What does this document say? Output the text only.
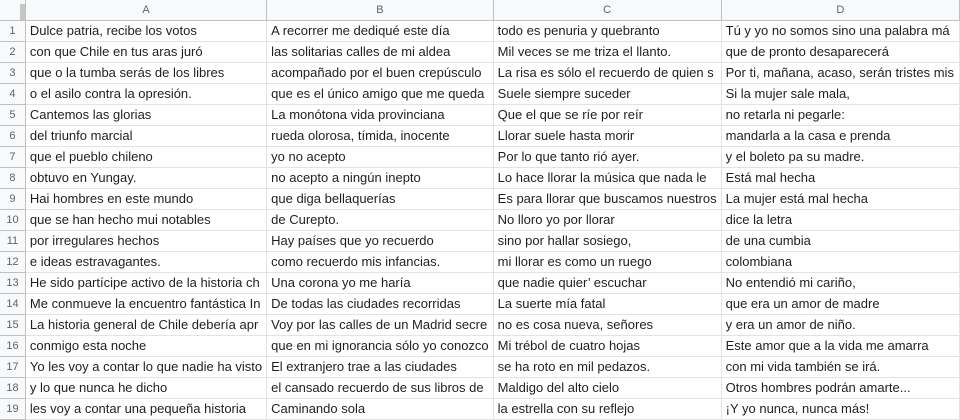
	A	B	C	D
1	Dulce patria, recibe los votos	A recorrer me dediqué este día	todo es penuria y quebranto	Tú y yo no somos sino una palabra má
2	con que Chile en tus aras juró	las solitarias calles de mi aldea	Mil veces se me triza el llanto.	que de pronto desaparecerá
3	que o la tumba serás de los libres	acompañado por el buen crepúsculo	La risa es sólo el recuerdo de quien s	Por ti, mañana, acaso, serán tristes mis
4	o el asilo contra la opresión.	que es el único amigo que me queda	Suele siempre suceder	Si la mujer sale mala,
5	Cantemos las glorias	La monótona vida provinciana	Que el que se ríe por reír	no retarla ni pegarle:
6	del triunfo marcial	rueda olorosa, tímida, inocente	Llorar suele hasta morir	mandarla a la casa e prenda
7	que el pueblo chileno	yo no acepto	Por lo que tanto rió ayer.	y el boleto pa su madre.
8	obtuvo en Yungay.	no acepto a ningún inepto	Lo hace llorar la música que nada le	Está mal hecha
9	Hai hombres en este mundo	que diga bellaquerías	Es para llorar que buscamos nuestros	La mujer está mal hecha
10	que se han hecho mui notables	de Curepto.	No lloro yo por llorar	dice la letra
11	por irregulares hechos	Hay países que yo recuerdo	sino por hallar sosiego,	de una cumbia
12	e ideas estravagantes.	como recuerdo mis infancias.	mi llorar es como un ruego	colombiana
13	He sido partícipe activo de la historia ch	Una corona yo me haría	que nadie quier’ escuchar	No entendió mi cariño,
14	Me conmueve la encuentro fantástica In	De todas las ciudades recorridas	La suerte mía fatal	que era un amor de madre
15	La historia general de Chile debería apr	Voy por las calles de un Madrid secre	no es cosa nueva, señores	y era un amor de niño.
16	conmigo esta noche	que en mi ignorancia sólo yo conozco	Mi trébol de cuatro hojas	Este amor que a la vida me amarra
17	Yo les voy a contar lo que nadie ha visto	El extranjero trae a las ciudades	se ha roto en mil pedazos.	con mi vida también se irá.
18	y lo que nunca he dicho	el cansado recuerdo de sus libros de	Maldigo del alto cielo	Otros hombres podrán amarte...
19	les voy a contar una pequeña historia	Caminando sola	la estrella con su reflejo	¡Y yo nunca, nunca más!
